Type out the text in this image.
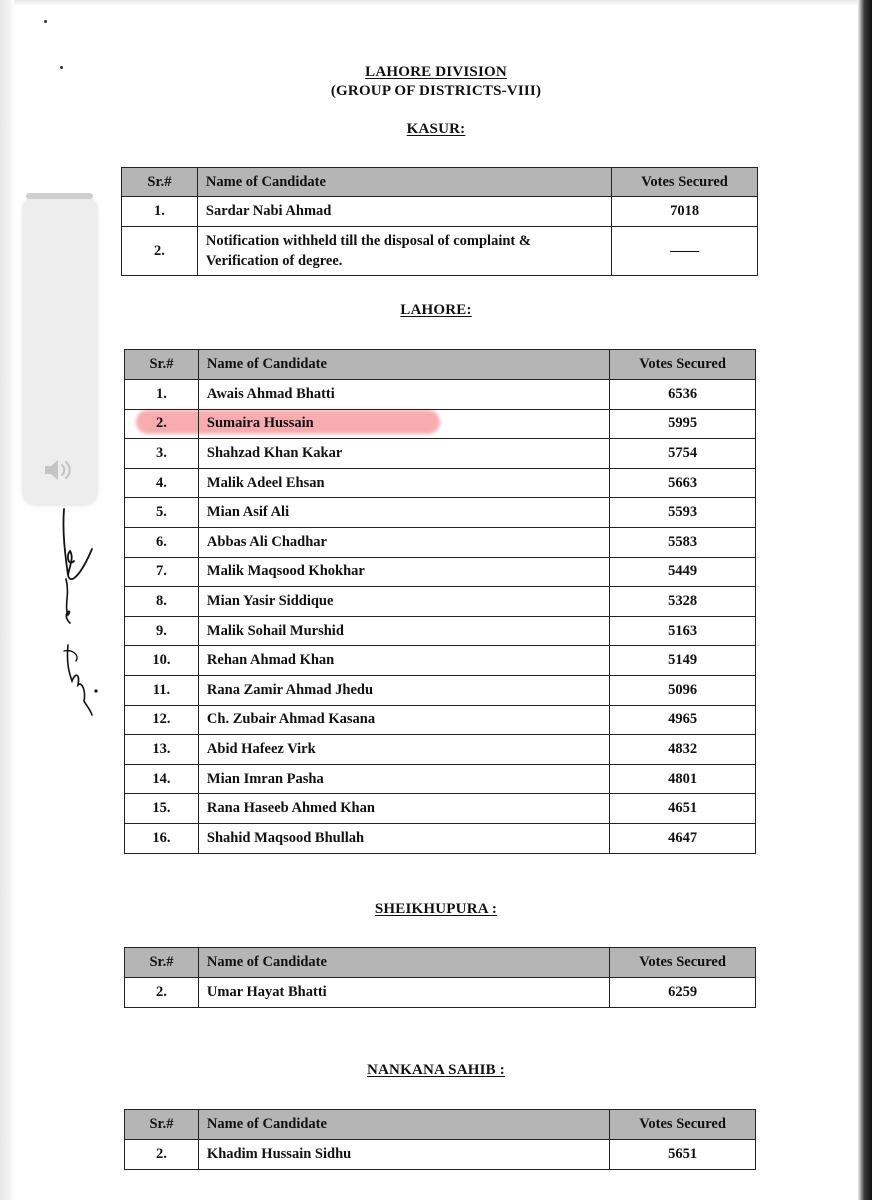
LAHORE DIVISION
(GROUP OF DISTRICTS-VIII)
KASUR:
Sr.#	Name of Candidate	Votes Secured
1.	Sardar Nabi Ahmad	7018
2.	Notification withheld till the disposal of complaint &
Verification of degree.	——
LAHORE:
Sr.#	Name of Candidate	Votes Secured
1.	Awais Ahmad Bhatti	6536
2.	Sumaira Hussain	5995
3.	Shahzad Khan Kakar	5754
4.	Malik Adeel Ehsan	5663
5.	Mian Asif Ali	5593
6.	Abbas Ali Chadhar	5583
7.	Malik Maqsood Khokhar	5449
8.	Mian Yasir Siddique	5328
9.	Malik Sohail Murshid	5163
10.	Rehan Ahmad Khan	5149
11.	Rana Zamir Ahmad Jhedu	5096
12.	Ch. Zubair Ahmad Kasana	4965
13.	Abid Hafeez Virk	4832
14.	Mian Imran Pasha	4801
15.	Rana Haseeb Ahmed Khan	4651
16.	Shahid Maqsood Bhullah	4647
SHEIKHUPURA :
Sr.#	Name of Candidate	Votes Secured
2.	Umar Hayat Bhatti	6259
NANKANA SAHIB :
Sr.#	Name of Candidate	Votes Secured
2.	Khadim Hussain Sidhu	5651
